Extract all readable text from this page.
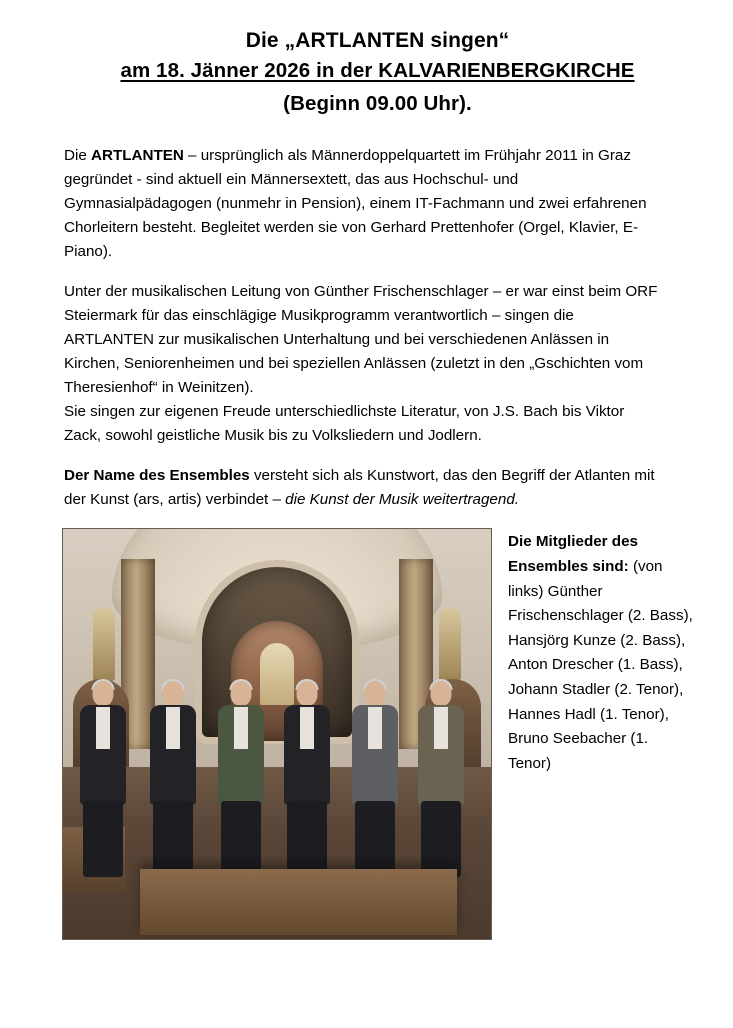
Die „ARTLANTEN singen“
am 18. Jänner 2026 in der KALVARIENBERGKIRCHE
(Beginn 09.00 Uhr).

Die ARTLANTEN – ursprünglich als Männerdoppelquartett im Frühjahr 2011 in Graz gegründet - sind aktuell ein Männersextett, das aus Hochschul- und Gymnasialpädagogen (nunmehr in Pension), einem IT-Fachmann und zwei erfahrenen Chorleitern besteht. Begleitet werden sie von Gerhard Prettenhofer (Orgel, Klavier, E-Piano).

Unter der musikalischen Leitung von Günther Frischenschlager – er war einst beim ORF Steiermark für das einschlägige Musikprogramm verantwortlich – singen die ARTLANTEN zur musikalischen Unterhaltung und bei verschiedenen Anlässen in Kirchen, Seniorenheimen und bei speziellen Anlässen (zuletzt in den „Gschichten vom Theresienhof“ in Weinitzen).

Sie singen zur eigenen Freude unterschiedlichste Literatur, von J.S. Bach bis Viktor Zack, sowohl geistliche Musik bis zu Volksliedern und Jodlern.

Der Name des Ensembles versteht sich als Kunstwort, das den Begriff der Atlanten mit der Kunst (ars, artis) verbindet – die Kunst der Musik weitertragend.

Die Mitglieder des Ensembles sind: (von links) Günther Frischenschlager (2. Bass), Hansjörg Kunze (2. Bass), Anton Drescher (1. Bass), Johann Stadler (2. Tenor), Hannes Hadl (1. Tenor), Bruno Seebacher (1. Tenor)
